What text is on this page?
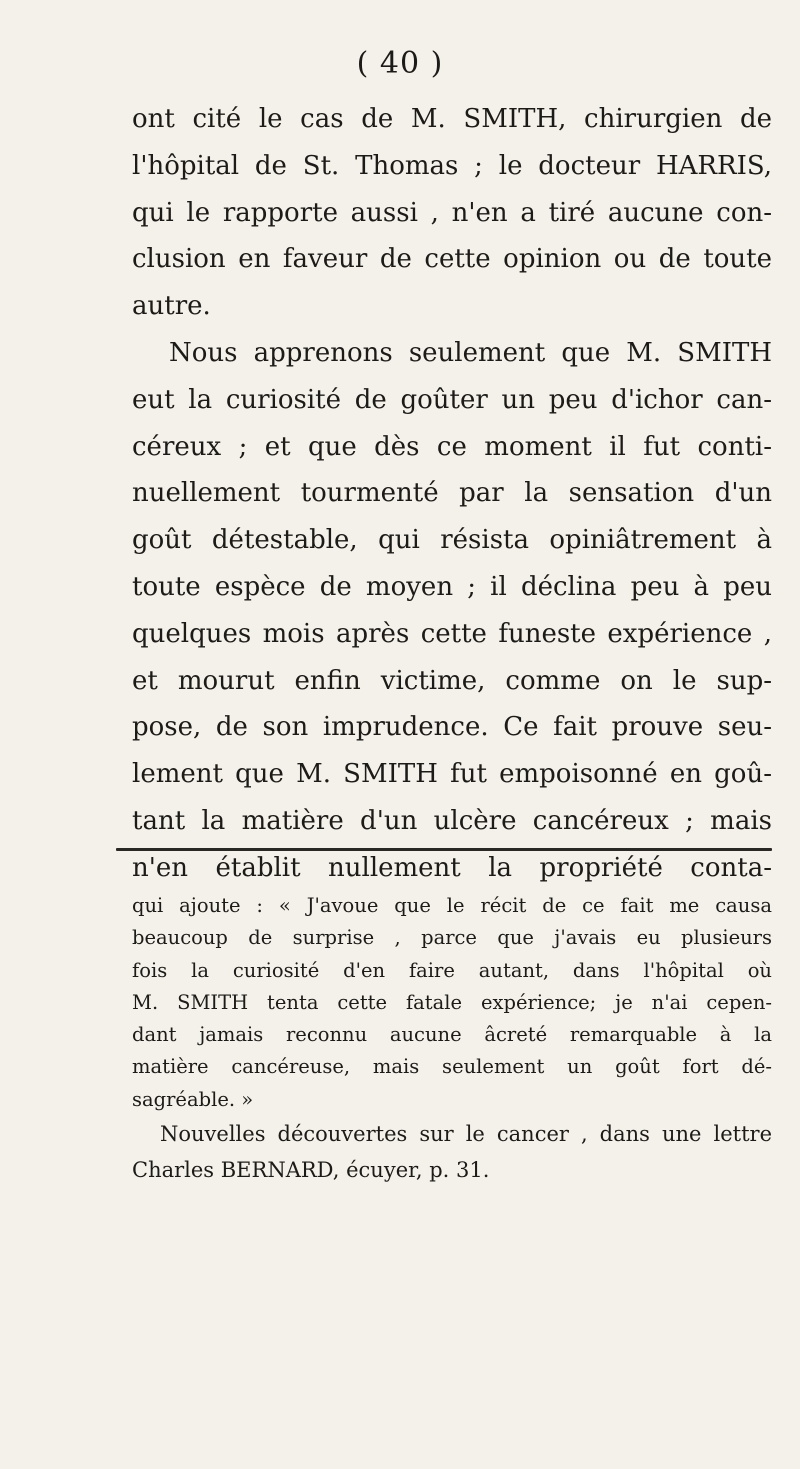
( 40 )
ont cité le cas de M. SMITH, chirurgien de
l'hôpital de St. Thomas ; le docteur HARRIS,
qui le rapporte aussi , n'en a tiré aucune con-
clusion en faveur de cette opinion ou de toute
autre.
Nous apprenons seulement que M. SMITH
eut la curiosité de goûter un peu d'ichor can-
céreux ; et que dès ce moment il fut conti-
nuellement tourmenté par la sensation d'un
goût détestable, qui résista opiniâtrement à
toute espèce de moyen ; il déclina peu à peu
quelques mois après cette funeste expérience ,
et mourut enfin victime, comme on le sup-
pose, de son imprudence. Ce fait prouve seu-
lement que M. SMITH fut empoisonné en goû-
tant la matière d'un ulcère cancéreux ; mais
n'en établit nullement la propriété conta-
qui ajoute : « J'avoue que le récit de ce fait me causa
beaucoup de surprise , parce que j'avais eu plusieurs
fois la curiosité d'en faire autant, dans l'hôpital où
M. SMITH tenta cette fatale expérience; je n'ai cepen-
dant jamais reconnu aucune âcreté remarquable à la
matière cancéreuse, mais seulement un goût fort dé-
sagréable. »
Nouvelles découvertes sur le cancer , dans une lettre
Charles BERNARD, écuyer, p. 31.
